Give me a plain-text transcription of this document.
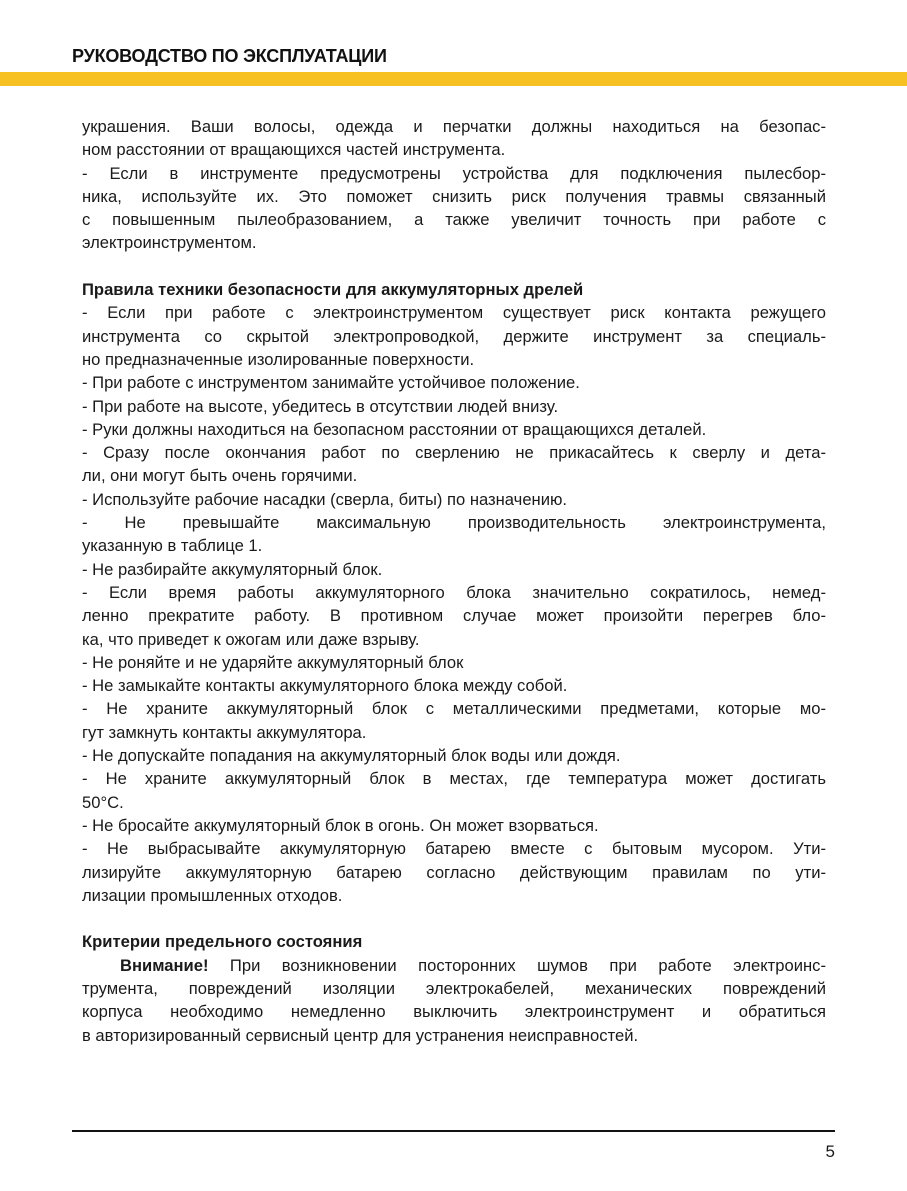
РУКОВОДСТВО ПО ЭКСПЛУАТАЦИИ
украшения. Ваши волосы, одежда и перчатки должны находиться на безопас-
ном расстоянии от вращающихся частей инструмента.
- Если в инструменте предусмотрены устройства для подключения пылесбор-
ника, используйте их. Это поможет снизить риск получения травмы связанный
с повышенным пылеобразованием, а также увеличит точность при работе с
электроинструментом.
Правила техники безопасности для аккумуляторных дрелей
- Если при работе с электроинструментом существует риск контакта режущего
инструмента со скрытой электропроводкой, держите инструмент за специаль-
но предназначенные изолированные поверхности.
- При работе с инструментом занимайте устойчивое положение.
- При работе на высоте, убедитесь в отсутствии людей внизу.
- Руки должны находиться на безопасном расстоянии от вращающихся деталей.
- Сразу после окончания работ по сверлению не прикасайтесь к сверлу и дета-
ли, они могут быть очень горячими.
- Используйте рабочие насадки (сверла, биты) по назначению.
- Не превышайте максимальную производительность электроинструмента,
указанную в таблице 1.
- Не разбирайте аккумуляторный блок.
- Если время работы аккумуляторного блока значительно сократилось, немед-
ленно прекратите работу. В противном случае может произойти перегрев бло-
ка, что приведет к ожогам или даже взрыву.
- Не роняйте и не ударяйте аккумуляторный блок
- Не замыкайте контакты аккумуляторного блока между собой.
- Не храните аккумуляторный блок с металлическими предметами, которые мо-
гут замкнуть контакты аккумулятора.
- Не допускайте попадания на аккумуляторный блок воды или дождя.
- Не храните аккумуляторный блок в местах, где температура может достигать
50°C.
- Не бросайте аккумуляторный блок в огонь. Он может взорваться.
- Не выбрасывайте аккумуляторную батарею вместе с бытовым мусором. Ути-
лизируйте аккумуляторную батарею согласно действующим правилам по ути-
лизации промышленных отходов.
Критерии предельного состояния
Внимание! При возникновении посторонних шумов при работе электроинс-
трумента, повреждений изоляции электрокабелей, механических повреждений
корпуса необходимо немедленно выключить электроинструмент и обратиться
в авторизированный сервисный центр для устранения неисправностей.
5
